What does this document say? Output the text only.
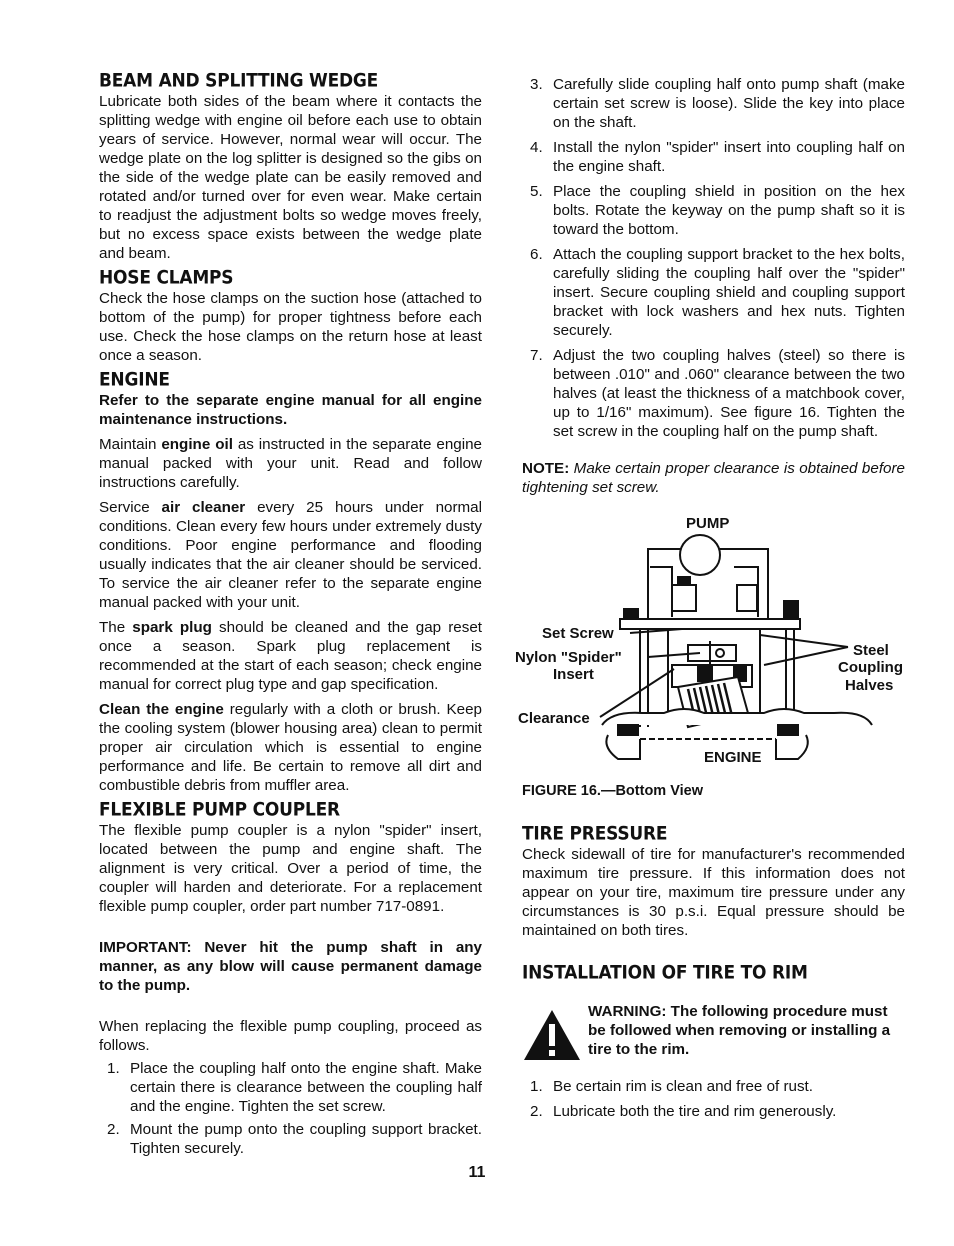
BEAM AND SPLITTING WEDGE

Lubricate both sides of the beam where it contacts the splitting wedge with engine oil before each use to obtain years of service. However, normal wear will occur. The wedge plate on the log splitter is designed so the gibs on the side of the wedge plate can be easily removed and rotated and/or turned over for even wear. Make certain to readjust the adjustment bolts so wedge moves freely, but no excess space exists between the wedge plate and beam.

HOSE CLAMPS

Check the hose clamps on the suction hose (attached to bottom of the pump) for proper tightness before each use. Check the hose clamps on the return hose at least once a season.

ENGINE

Refer to the separate engine manual for all engine maintenance instructions.

Maintain engine oil as instructed in the separate engine manual packed with your unit. Read and follow instructions carefully.

Service air cleaner every 25 hours under normal conditions. Clean every few hours under extremely dusty conditions. Poor engine performance and flooding usually indicates that the air cleaner should be serviced. To service the air cleaner refer to the separate engine manual packed with your unit.

The spark plug should be cleaned and the gap reset once a season. Spark plug replacement is recommended at the start of each season; check engine manual for correct plug type and gap specification.

Clean the engine regularly with a cloth or brush. Keep the cooling system (blower housing area) clean to permit proper air circulation which is essential to engine performance and life. Be certain to remove all dirt and combustible debris from muffler area.

FLEXIBLE PUMP COUPLER

The flexible pump coupler is a nylon "spider" insert, located between the pump and engine shaft. The alignment is very critical. Over a period of time, the coupler will harden and deteriorate. For a replacement flexible pump coupler, order part number 717-0891.

IMPORTANT: Never hit the pump shaft in any manner, as any blow will cause permanent damage to the pump.

When replacing the flexible pump coupling, proceed as follows.

1. Place the coupling half onto the engine shaft. Make certain there is clearance between the coupling half and the engine. Tighten the set screw.
2. Mount the pump onto the coupling support bracket. Tighten securely.
3. Carefully slide coupling half onto pump shaft (make certain set screw is loose). Slide the key into place on the shaft.
4. Install the nylon "spider" insert into coupling half on the engine shaft.
5. Place the coupling shield in position on the hex bolts. Rotate the keyway on the pump shaft so it is toward the bottom.
6. Attach the coupling support bracket to the hex bolts, carefully sliding the coupling half over the "spider" insert. Secure coupling shield and coupling support bracket with lock washers and hex nuts. Tighten securely.
7. Adjust the two coupling halves (steel) so there is between .010" and .060" clearance between the two halves (at least the thickness of a matchbook cover, up to 1/16" maximum). See figure 16. Tighten the set screw in the coupling half on the pump shaft.

NOTE: Make certain proper clearance is obtained before tightening set screw.

PUMP
Set Screw
Nylon "Spider"
Insert
Clearance
Steel
Coupling
Halves
ENGINE
FIGURE 16.—Bottom View
TIRE PRESSURE

Check sidewall of tire for manufacturer's recommended maximum tire pressure. If this information does not appear on your tire, maximum tire pressure under any circumstances is 30 p.s.i. Equal pressure should be maintained on both tires.

INSTALLATION OF TIRE TO RIM

WARNING: The following procedure must be followed when removing or installing a tire to the rim.

1. Be certain rim is clean and free of rust.
2. Lubricate both the tire and rim generously.
11
